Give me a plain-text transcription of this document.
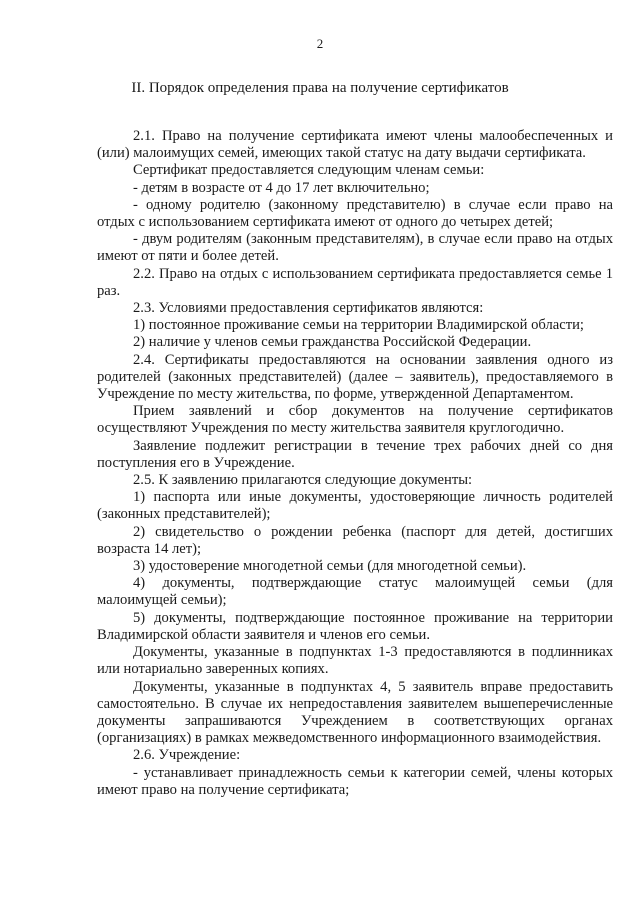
2
II. Порядок определения права на получение сертификатов

2.1. Право на получение сертификата имеют члены малообеспеченных и (или) малоимущих семей, имеющих такой статус на дату выдачи сертификата.

Сертификат предоставляется следующим членам семьи:

- детям в возрасте от 4 до 17 лет включительно;

- одному родителю (законному представителю) в случае если право на отдых с использованием сертификата имеют от одного до четырех детей;

- двум родителям (законным представителям), в случае если право на отдых имеют от пяти и более детей.

2.2. Право на отдых с использованием сертификата предоставляется семье 1 раз.

2.3. Условиями предоставления сертификатов являются:

1) постоянное проживание семьи на территории Владимирской области;

2) наличие у членов семьи гражданства Российской Федерации.

2.4. Сертификаты предоставляются на основании заявления одного из родителей (законных представителей) (далее – заявитель), предоставляемого в Учреждение по месту жительства, по форме, утвержденной Департаментом.

Прием заявлений и сбор документов на получение сертификатов осуществляют Учреждения по месту жительства заявителя круглогодично.

Заявление подлежит регистрации в течение трех рабочих дней со дня поступления его в Учреждение.

2.5. К заявлению прилагаются следующие документы:

1) паспорта или иные документы, удостоверяющие личность родителей (законных представителей);

2) свидетельство о рождении ребенка (паспорт для детей, достигших возраста 14 лет);

3) удостоверение многодетной семьи (для многодетной семьи).

4) документы, подтверждающие статус малоимущей семьи (для малоимущей семьи);

5) документы, подтверждающие постоянное проживание на территории Владимирской области заявителя и членов его семьи.

Документы, указанные в подпунктах 1-3 предоставляются в подлинниках или нотариально заверенных копиях.

Документы, указанные в подпунктах 4, 5 заявитель вправе предоставить самостоятельно. В случае их непредоставления заявителем вышеперечисленные документы запрашиваются Учреждением в соответствующих органах (организациях) в рамках межведомственного информационного взаимодействия.

2.6. Учреждение:

- устанавливает принадлежность семьи к категории семей, члены которых имеют право на получение сертификата;
